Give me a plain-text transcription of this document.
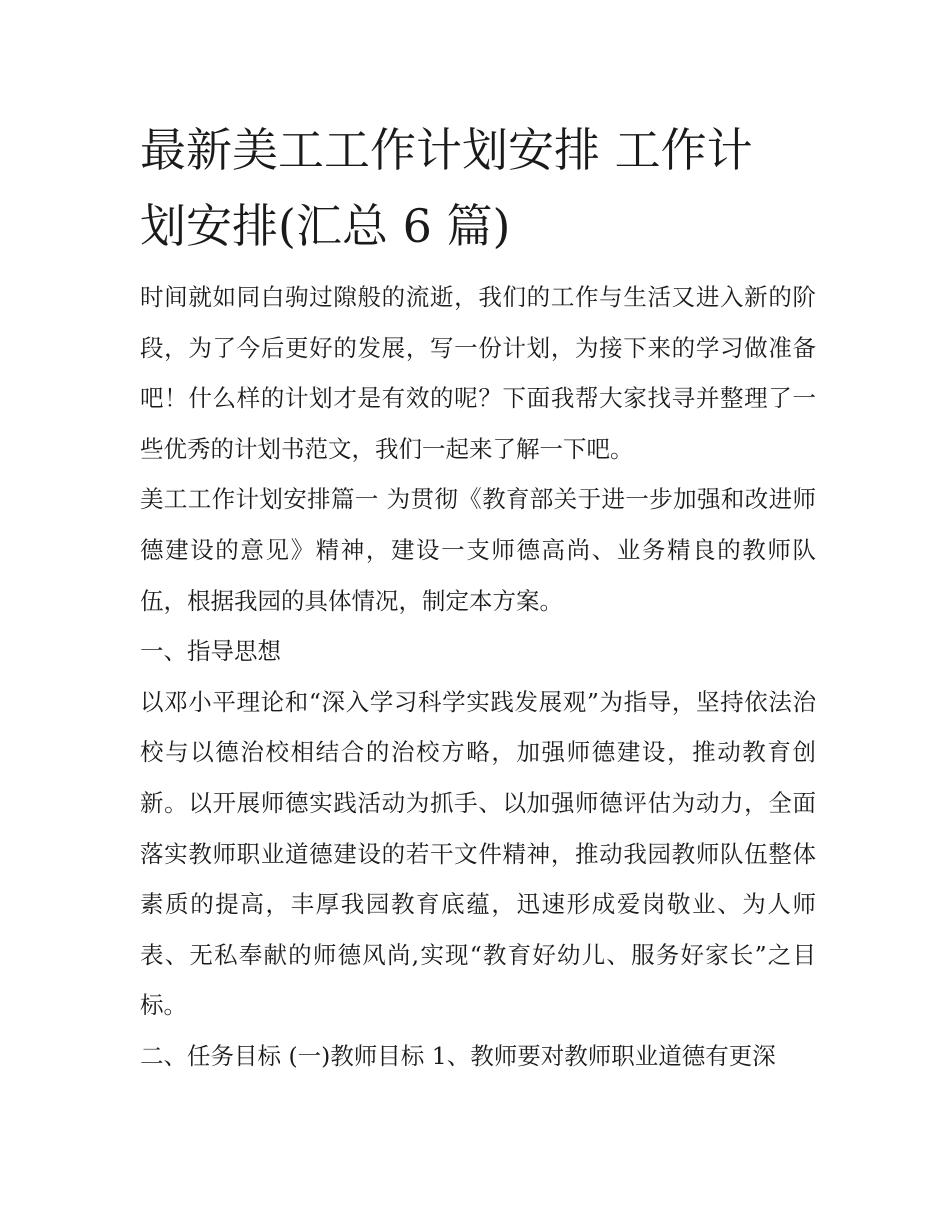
最新美工工作计划安排 工作计
划安排(汇总 6 篇)

时间就如同白驹过隙般的流逝，我们的工作与生活又进入新的阶段，为了今后更好的发展，写一份计划，为接下来的学习做准备吧！什么样的计划才是有效的呢？下面我帮大家找寻并整理了一些优秀的计划书范文，我们一起来了解一下吧。

美工工作计划安排篇一 为贯彻《教育部关于进一步加强和改进师德建设的意见》精神，建设一支师德高尚、业务精良的教师队伍，根据我园的具体情况，制定本方案。

一、指导思想

以邓小平理论和“深入学习科学实践发展观”为指导，坚持依法治校与以德治校相结合的治校方略，加强师德建设，推动教育创新。以开展师德实践活动为抓手、以加强师德评估为动力，全面落实教师职业道德建设的若干文件精神，推动我园教师队伍整体素质的提高，丰厚我园教育底蕴，迅速形成爱岗敬业、为人师表、无私奉献的师德风尚,实现“教育好幼儿、服务好家长”之目标。

二、任务目标 (一)教师目标 1、教师要对教师职业道德有更深
